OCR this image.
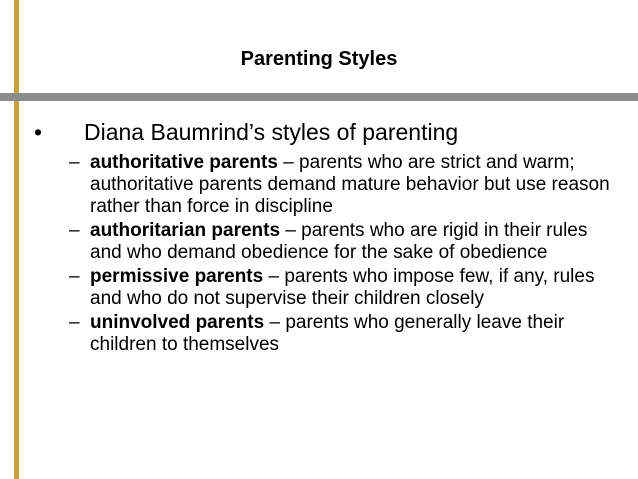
Parenting Styles
• Diana Baumrind’s styles of parenting
– authoritative parents – parents who are strict and warm; authoritative parents demand mature behavior but use reason rather than force in discipline
– authoritarian parents – parents who are rigid in their rules and who demand obedience for the sake of obedience
– permissive parents – parents who impose few, if any, rules and who do not supervise their children closely
– uninvolved parents – parents who generally leave their children to themselves
